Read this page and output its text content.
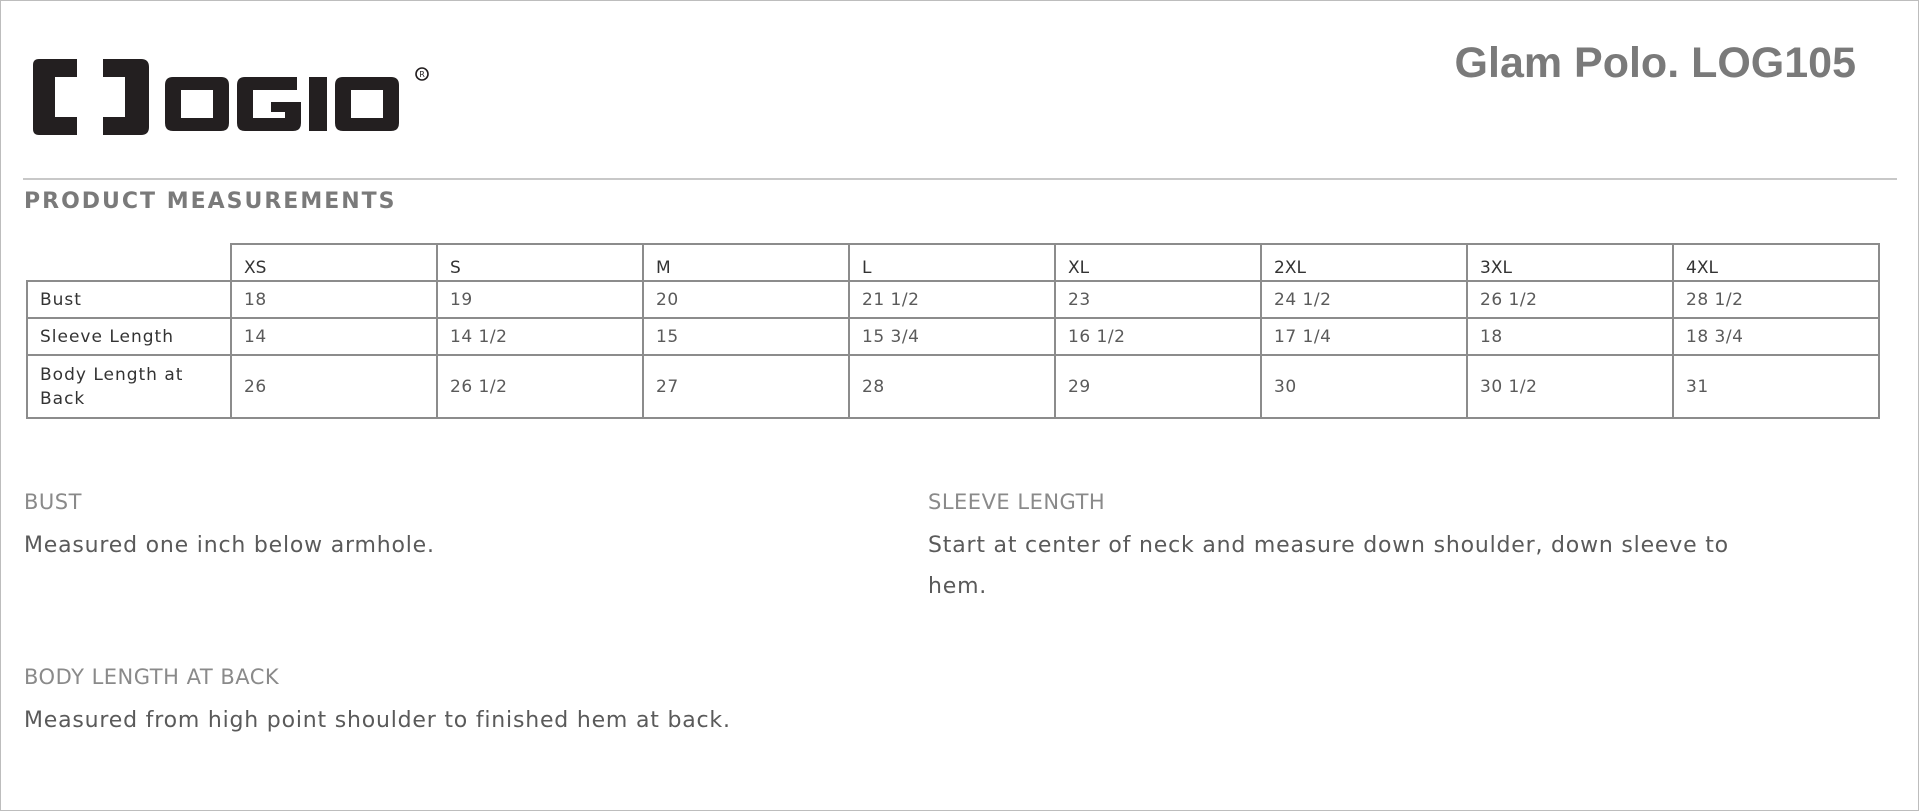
R	Glam Polo. LOG105
PRODUCT MEASUREMENTS
	XS	S	M	L	XL	2XL	3XL	4XL
Bust	18	19	20	21 1/2	23	24 1/2	26 1/2	28 1/2
Sleeve Length	14	14 1/2	15	15 3/4	16 1/2	17 1/4	18	18 3/4
Body Length at Back	26	26 1/2	27	28	29	30	30 1/2	31
BUST
Measured one inch below armhole.
SLEEVE LENGTH
Start at center of neck and measure down shoulder, down sleeve to hem.
BODY LENGTH AT BACK
Measured from high point shoulder to finished hem at back.
